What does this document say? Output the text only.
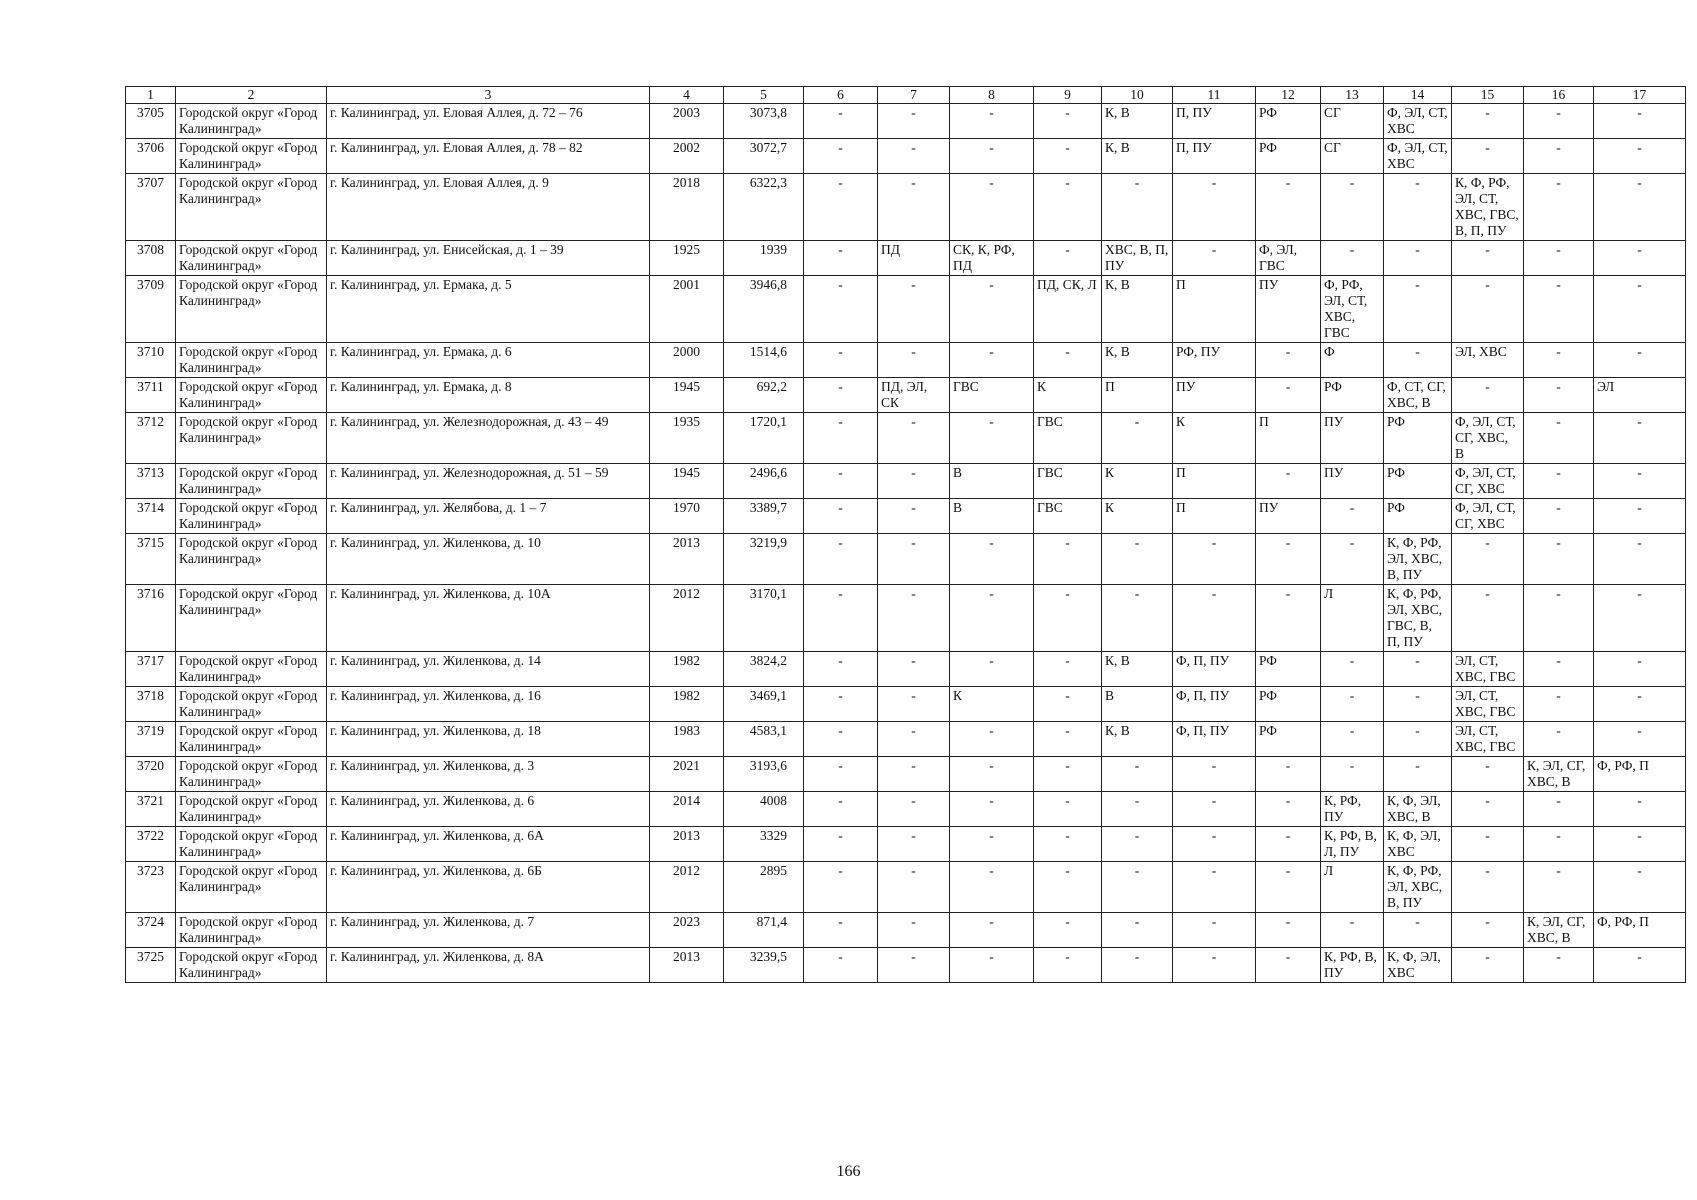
1	2	3	4	5	6	7	8	9	10	11	12	13	14	15	16	17
3705	Городской округ «Город Калининград»	г. Калининград, ул. Еловая Аллея, д. 72 – 76	2003	3073,8	-	-	-	-	К, В	П, ПУ	РФ	СГ	Ф, ЭЛ, СТ, ХВС	-	-	-
3706	Городской округ «Город Калининград»	г. Калининград, ул. Еловая Аллея, д. 78 – 82	2002	3072,7	-	-	-	-	К, В	П, ПУ	РФ	СГ	Ф, ЭЛ, СТ, ХВС	-	-	-
3707	Городской округ «Город Калининград»	г. Калининград, ул. Еловая Аллея, д. 9	2018	6322,3	-	-	-	-	-	-	-	-	-	К, Ф, РФ, ЭЛ, СТ, ХВС, ГВС, В, П, ПУ	-	-
3708	Городской округ «Город Калининград»	г. Калининград, ул. Енисейская, д. 1 – 39	1925	1939	-	ПД	СК, К, РФ, ПД	-	ХВС, В, П, ПУ	-	Ф, ЭЛ, ГВС	-	-	-	-	-
3709	Городской округ «Город Калининград»	г. Калининград, ул. Ермака, д. 5	2001	3946,8	-	-	-	ПД, СК, Л	К, В	П	ПУ	Ф, РФ, ЭЛ, СТ, ХВС, ГВС	-	-	-	-
3710	Городской округ «Город Калининград»	г. Калининград, ул. Ермака, д. 6	2000	1514,6	-	-	-	-	К, В	РФ, ПУ	-	Ф	-	ЭЛ, ХВС	-	-
3711	Городской округ «Город Калининград»	г. Калининград, ул. Ермака, д. 8	1945	692,2	-	ПД, ЭЛ, СК	ГВС	К	П	ПУ	-	РФ	Ф, СТ, СГ, ХВС, В	-	-	ЭЛ
3712	Городской округ «Город Калининград»	г. Калининград, ул. Железнодорожная, д. 43 – 49	1935	1720,1	-	-	-	ГВС	-	К	П	ПУ	РФ	Ф, ЭЛ, СТ, СГ, ХВС, В	-	-
3713	Городской округ «Город Калининград»	г. Калининград, ул. Железнодорожная, д. 51 – 59	1945	2496,6	-	-	В	ГВС	К	П	-	ПУ	РФ	Ф, ЭЛ, СТ, СГ, ХВС	-	-
3714	Городской округ «Город Калининград»	г. Калининград, ул. Желябова, д. 1 – 7	1970	3389,7	-	-	В	ГВС	К	П	ПУ	-	РФ	Ф, ЭЛ, СТ, СГ, ХВС	-	-
3715	Городской округ «Город Калининград»	г. Калининград, ул. Жиленкова, д. 10	2013	3219,9	-	-	-	-	-	-	-	-	К, Ф, РФ, ЭЛ, ХВС, В, ПУ	-	-	-
3716	Городской округ «Город Калининград»	г. Калининград, ул. Жиленкова, д. 10А	2012	3170,1	-	-	-	-	-	-	-	Л	К, Ф, РФ, ЭЛ, ХВС, ГВС, В, П, ПУ	-	-	-
3717	Городской округ «Город Калининград»	г. Калининград, ул. Жиленкова, д. 14	1982	3824,2	-	-	-	-	К, В	Ф, П, ПУ	РФ	-	-	ЭЛ, СТ, ХВС, ГВС	-	-
3718	Городской округ «Город Калининград»	г. Калининград, ул. Жиленкова, д. 16	1982	3469,1	-	-	К	-	В	Ф, П, ПУ	РФ	-	-	ЭЛ, СТ, ХВС, ГВС	-	-
3719	Городской округ «Город Калининград»	г. Калининград, ул. Жиленкова, д. 18	1983	4583,1	-	-	-	-	К, В	Ф, П, ПУ	РФ	-	-	ЭЛ, СТ, ХВС, ГВС	-	-
3720	Городской округ «Город Калининград»	г. Калининград, ул. Жиленкова, д. 3	2021	3193,6	-	-	-	-	-	-	-	-	-	-	К, ЭЛ, СГ, ХВС, В	Ф, РФ, П
3721	Городской округ «Город Калининград»	г. Калининград, ул. Жиленкова, д. 6	2014	4008	-	-	-	-	-	-	-	К, РФ, ПУ	К, Ф, ЭЛ, ХВС, В	-	-	-
3722	Городской округ «Город Калининград»	г. Калининград, ул. Жиленкова, д. 6А	2013	3329	-	-	-	-	-	-	-	К, РФ, В, Л, ПУ	К, Ф, ЭЛ, ХВС	-	-	-
3723	Городской округ «Город Калининград»	г. Калининград, ул. Жиленкова, д. 6Б	2012	2895	-	-	-	-	-	-	-	Л	К, Ф, РФ, ЭЛ, ХВС, В, ПУ	-	-	-
3724	Городской округ «Город Калининград»	г. Калининград, ул. Жиленкова, д. 7	2023	871,4	-	-	-	-	-	-	-	-	-	-	К, ЭЛ, СГ, ХВС, В	Ф, РФ, П
3725	Городской округ «Город Калининград»	г. Калининград, ул. Жиленкова, д. 8А	2013	3239,5	-	-	-	-	-	-	-	К, РФ, В, ПУ	К, Ф, ЭЛ, ХВС	-	-	-
166
